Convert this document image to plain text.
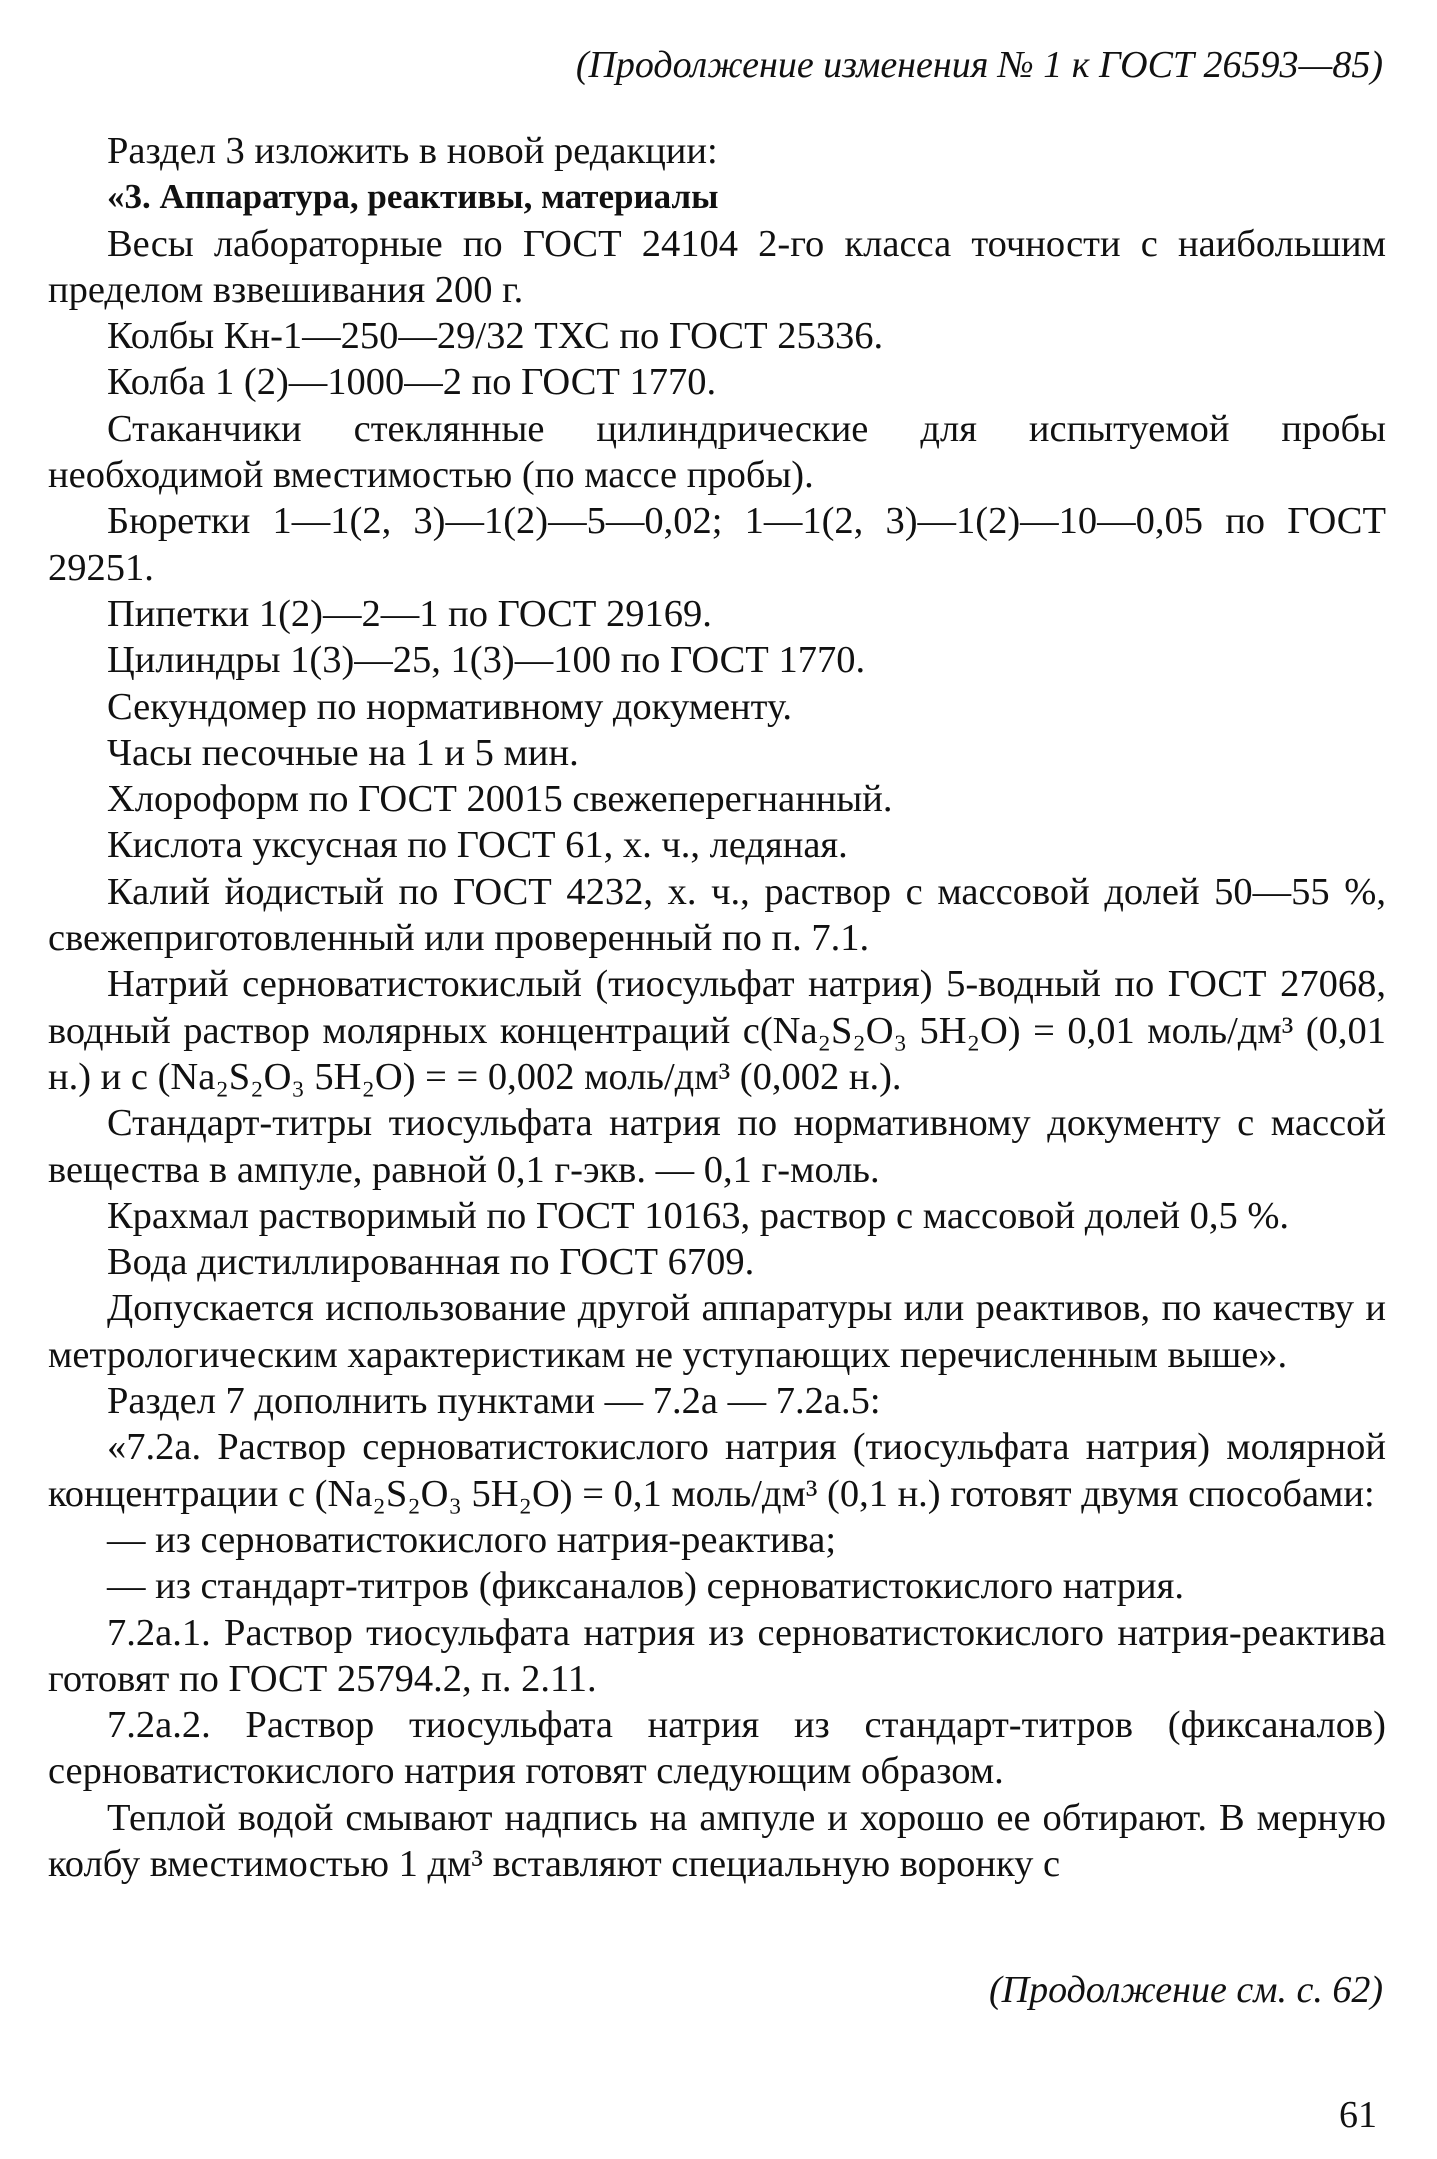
(Продолжение изменения № 1 к ГОСТ 26593—85)

Раздел 3 изложить в новой редакции:

«3. Аппаратура, реактивы, материалы

Весы лабораторные по ГОСТ 24104 2-го класса точности с наибольшим пределом взвешивания 200 г.

Колбы Кн-1—250—29/32 ТХС по ГОСТ 25336.

Колба 1 (2)—1000—2 по ГОСТ 1770.

Стаканчики стеклянные цилиндрические для испытуемой пробы необходимой вместимостью (по массе пробы).

Бюретки 1—1(2, 3)—1(2)—5—0,02; 1—1(2, 3)—1(2)—10—0,05 по ГОСТ 29251.

Пипетки 1(2)—2—1 по ГОСТ 29169.

Цилиндры 1(3)—25, 1(3)—100 по ГОСТ 1770.

Секундомер по нормативному документу.

Часы песочные на 1 и 5 мин.

Хлороформ по ГОСТ 20015 свежеперегнанный.

Кислота уксусная по ГОСТ 61, х. ч., ледяная.

Калий йодистый по ГОСТ 4232, х. ч., раствор с массовой долей 50—55 %, свежеприготовленный или проверенный по п. 7.1.

Натрий серноватистокислый (тиосульфат натрия) 5-водный по ГОСТ 27068, водный раствор молярных концентраций c(Na₂S₂O₃ 5H₂O) = 0,01 моль/дм³ (0,01 н.) и c (Na₂S₂O₃ 5H₂O) = = 0,002 моль/дм³ (0,002 н.).

Стандарт-титры тиосульфата натрия по нормативному документу с массой вещества в ампуле, равной 0,1 г-экв. — 0,1 г-моль.

Крахмал растворимый по ГОСТ 10163, раствор с массовой долей 0,5 %.

Вода дистиллированная по ГОСТ 6709.

Допускается использование другой аппаратуры или реактивов, по качеству и метрологическим характеристикам не уступающих перечисленным выше».

Раздел 7 дополнить пунктами — 7.2а — 7.2а.5:

«7.2а. Раствор серноватистокислого натрия (тиосульфата натрия) молярной концентрации c (Na₂S₂O₃ 5H₂O) = 0,1 моль/дм³ (0,1 н.) готовят двумя способами:

— из серноватистокислого натрия-реактива;

— из стандарт-титров (фиксаналов) серноватистокислого натрия.

7.2а.1. Раствор тиосульфата натрия из серноватистокислого натрия-реактива готовят по ГОСТ 25794.2, п. 2.11.

7.2а.2. Раствор тиосульфата натрия из стандарт-титров (фиксаналов) серноватистокислого натрия готовят следующим образом.

Теплой водой смывают надпись на ампуле и хорошо ее обтирают. В мерную колбу вместимостью 1 дм³ вставляют специальную воронку с

(Продолжение см. с. 62)
61
